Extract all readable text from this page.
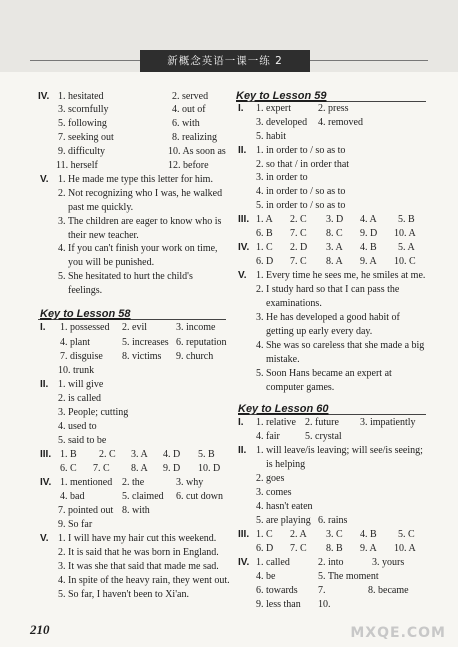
新概念英语一课一练 2
IV. 1. hesitated	2. served
3. scornfully	4. out of
5. following	6. with
7. seeking out	8. realizing
9. difficulty	10. As soon as
11. herself	12. before
V. 1. He made me type this letter for him.
2. Not recognizing who I was, he walked
past me quickly.
3. The children are eager to know who is
their new teacher.
4. If you can't finish your work on time,
you will be punished.
5. She hesitated to hurt the child's
feelings.
I. 1. possessed 2. evil	3. income
4. plant	5. increases 6. reputation
7. disguise 8. victims 9. church
10. trunk
II. 1. will give
2. is called
3. People; cutting
4. used to
5. said to be
III. 1. B 2. C 3. A 4. D 5. B
6. C 7. C 8. A 9. D 10. D
IV. 1. mentioned 2. the	3. why
4. bad	5. claimed 6. cut down
7. pointed out 8. with
9. So far
V. 1. I will have my hair cut this weekend.
2. It is said that he was born in England.
3. It was she that said that made me sad.
4. In spite of the heavy rain, they went out.
5. So far, I haven't been to Xi'an.
1. expert	2. press
I.
3. developed 4. removed
5. habit
II. 1. in order to / so as to
2. so that / in order that
3. in order to
4. in order to / so as to
5. in order to / so as to
III. 1. A 2. C 3. D 4. A 5. B
6. B 7. C 8. C 9. D 10. A
IV. 1. C 2. D 3. A 4. B 5. A
6. D 7. C 8. A 9. A 10. C
V. 1. Every time he sees me, he smiles at me.
2. I study hard so that I can pass the
examinations.
3. He has developed a good habit of
getting up early every day.
4. She was so careless that she made a big
mistake.
5. Soon Hans became an expert at
computer games.
I. 1. relative 2. future 3. impatiently
4. fair	5. crystal
II. 1. will leave/is leaving; will see/is seeing;
is helping
2. goes
3. comes
4. hasn't eaten
5. are playing 6. rains
III. 1. C 2. A 3. C 4. B 5. C
6. D 7. C 8. B 9. A 10. A
IV. 1. called	2. into	3. yours
4. be	5. The moment
6. towards 7.	8. became
9. less than 10.
Key to Lesson 59
Key to Lesson 58
Key to Lesson 60
210	MXQE.COM
